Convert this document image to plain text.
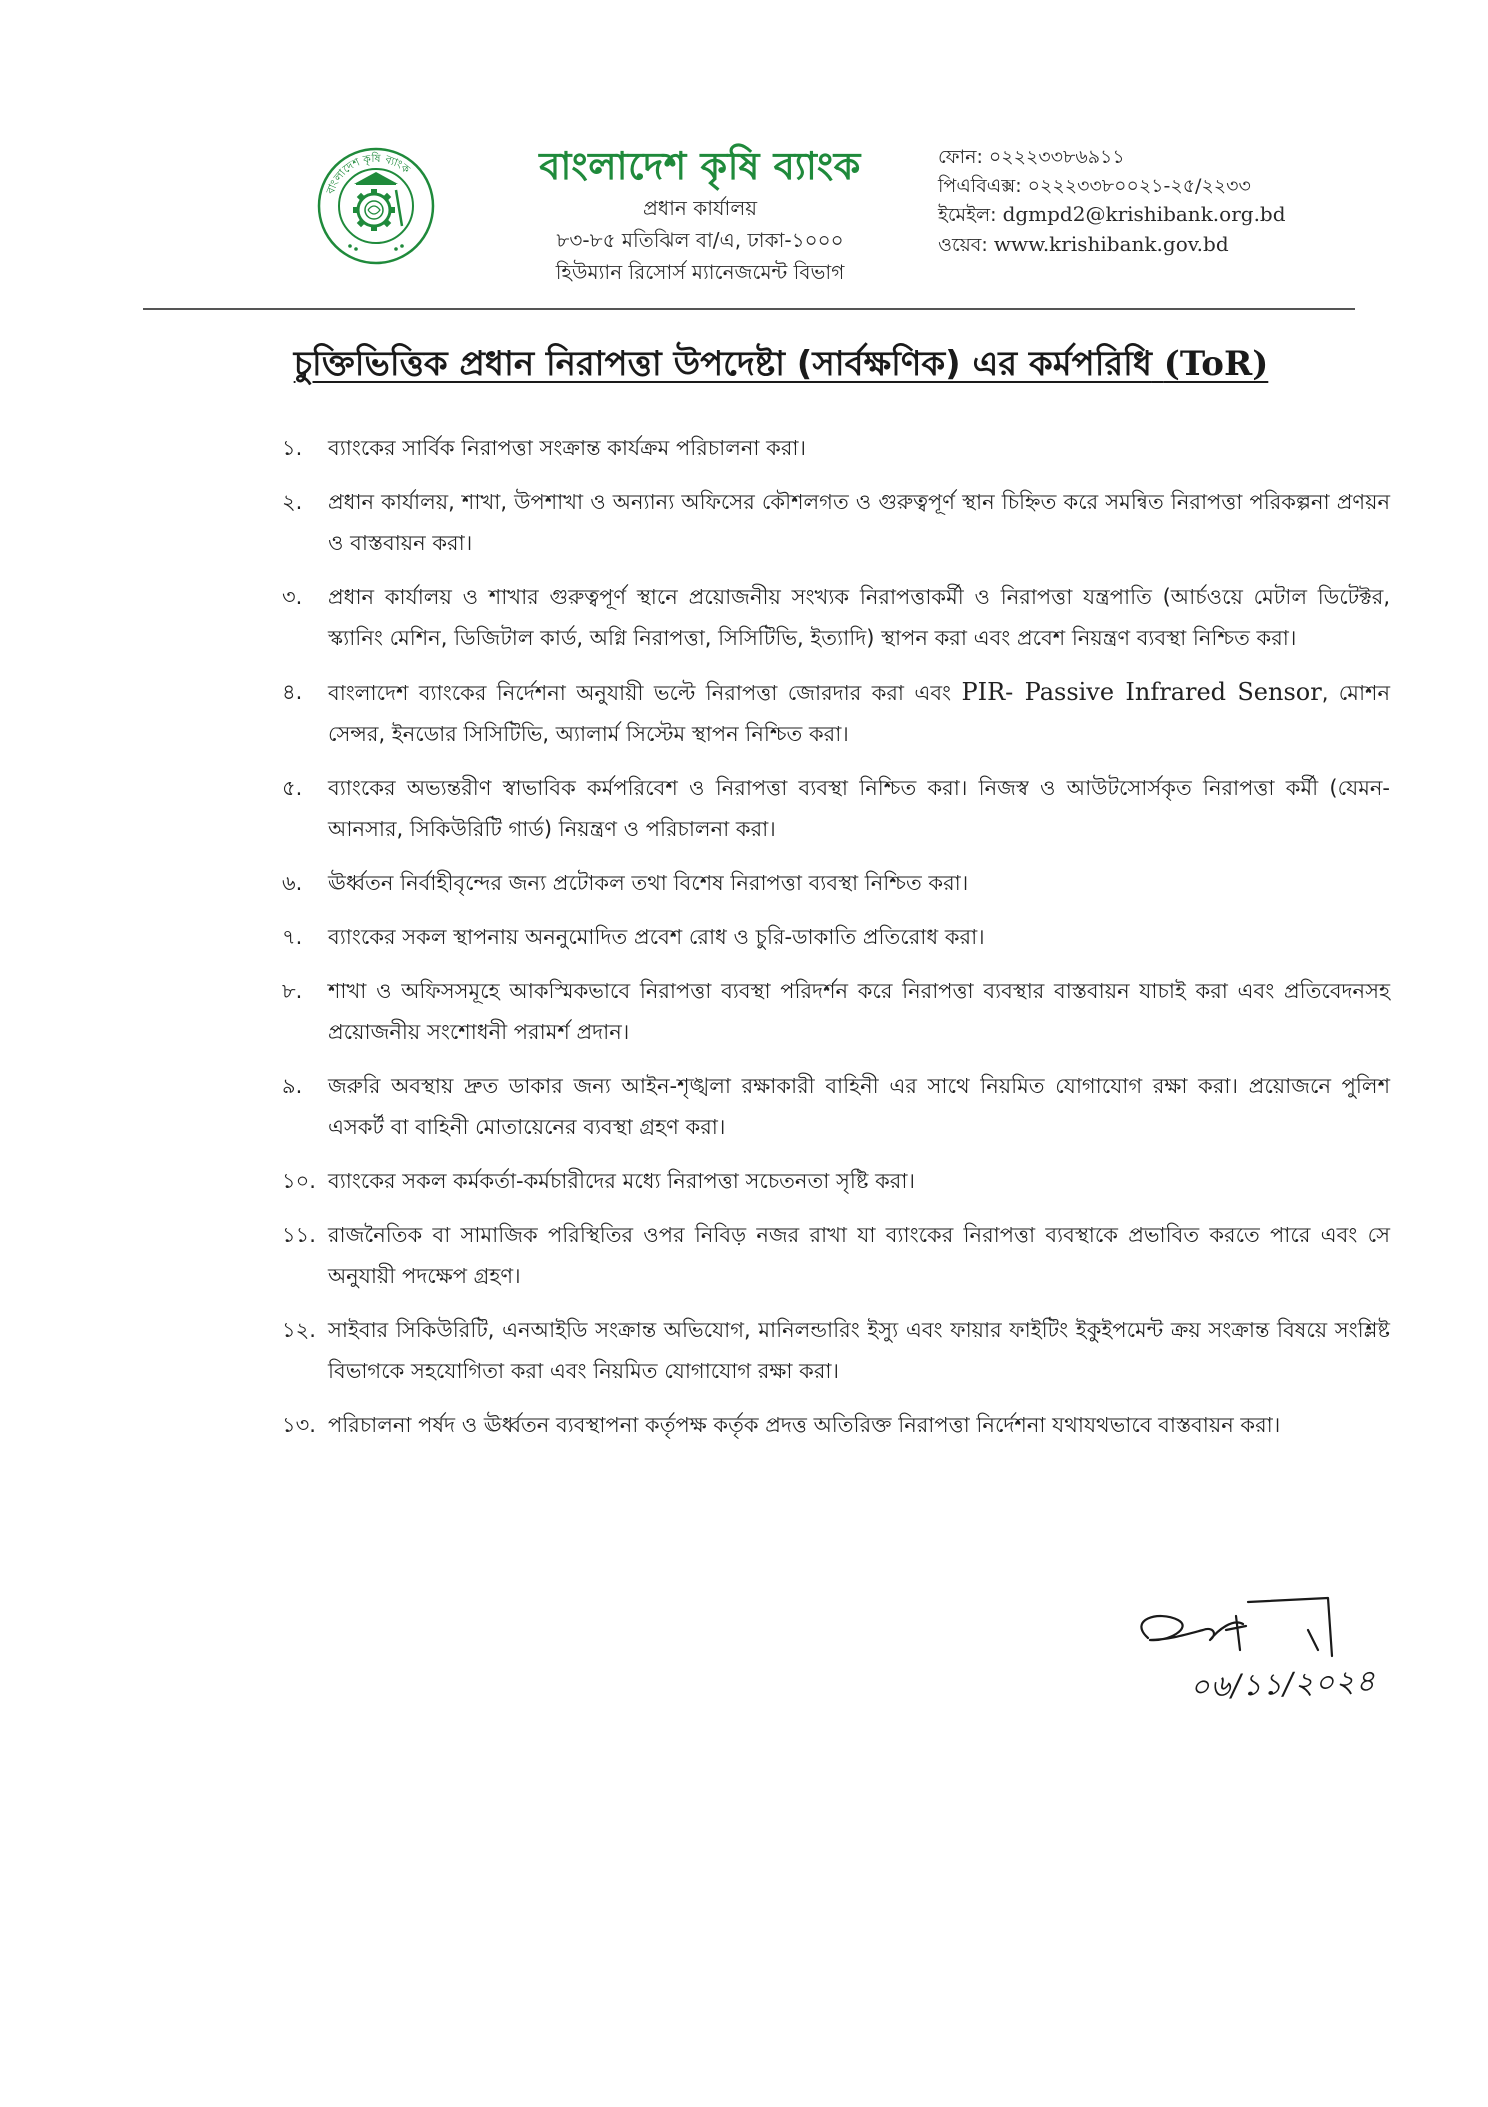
বাংলাদেশ কৃষি ব্যাংক	বাংলাদেশ কৃষি ব্যাংক
প্রধান কার্যালয়
৮৩-৮৫ মতিঝিল বা/এ, ঢাকা-১০০০
হিউম্যান রিসোর্স ম্যানেজমেন্ট বিভাগ
ফোন: ০২২২৩৩৮৬৯১১
পিএবিএক্স: ০২২২৩৩৮০০২১-২৫/২২৩৩
ইমেইল: dgmpd2@krishibank.org.bd
ওয়েব: www.krishibank.gov.bd
চুক্তিভিত্তিক প্রধান নিরাপত্তা উপদেষ্টা (সার্বক্ষণিক) এর কর্মপরিধি (ToR)
১.	ব্যাংকের সার্বিক নিরাপত্তা সংক্রান্ত কার্যক্রম পরিচালনা করা।
২.	প্রধান কার্যালয়, শাখা, উপশাখা ও অন্যান্য অফিসের কৌশলগত ও গুরুত্বপূর্ণ স্থান চিহ্নিত করে সমন্বিত নিরাপত্তা পরিকল্পনা প্রণয়ন ও বাস্তবায়ন করা।
৩.	প্রধান কার্যালয় ও শাখার গুরুত্বপূর্ণ স্থানে প্রয়োজনীয় সংখ্যক নিরাপত্তাকর্মী ও নিরাপত্তা যন্ত্রপাতি (আর্চওয়ে মেটাল ডিটেক্টর, স্ক্যানিং মেশিন, ডিজিটাল কার্ড, অগ্নি নিরাপত্তা, সিসিটিভি, ইত্যাদি) স্থাপন করা এবং প্রবেশ নিয়ন্ত্রণ ব্যবস্থা নিশ্চিত করা।
৪.	বাংলাদেশ ব্যাংকের নির্দেশনা অনুযায়ী ভল্টে নিরাপত্তা জোরদার করা এবং PIR- Passive Infrared Sensor, মোশন সেন্সর, ইনডোর সিসিটিভি, অ্যালার্ম সিস্টেম স্থাপন নিশ্চিত করা।
৫.	ব্যাংকের অভ্যন্তরীণ স্বাভাবিক কর্মপরিবেশ ও নিরাপত্তা ব্যবস্থা নিশ্চিত করা। নিজস্ব ও আউটসোর্সকৃত নিরাপত্তা কর্মী (যেমন-আনসার, সিকিউরিটি গার্ড) নিয়ন্ত্রণ ও পরিচালনা করা।
৬.	ঊর্ধ্বতন নির্বাহীবৃন্দের জন্য প্রটোকল তথা বিশেষ নিরাপত্তা ব্যবস্থা নিশ্চিত করা।
৭.	ব্যাংকের সকল স্থাপনায় অননুমোদিত প্রবেশ রোধ ও চুরি-ডাকাতি প্রতিরোধ করা।
৮.	শাখা ও অফিসসমূহে আকস্মিকভাবে নিরাপত্তা ব্যবস্থা পরিদর্শন করে নিরাপত্তা ব্যবস্থার বাস্তবায়ন যাচাই করা এবং প্রতিবেদনসহ প্রয়োজনীয় সংশোধনী পরামর্শ প্রদান।
৯.	জরুরি অবস্থায় দ্রুত ডাকার জন্য আইন-শৃঙ্খলা রক্ষাকারী বাহিনী এর সাথে নিয়মিত যোগাযোগ রক্ষা করা। প্রয়োজনে পুলিশ এসকর্ট বা বাহিনী মোতায়েনের ব্যবস্থা গ্রহণ করা।
১০. ব্যাংকের সকল কর্মকর্তা-কর্মচারীদের মধ্যে নিরাপত্তা সচেতনতা সৃষ্টি করা।
১১. রাজনৈতিক বা সামাজিক পরিস্থিতির ওপর নিবিড় নজর রাখা যা ব্যাংকের নিরাপত্তা ব্যবস্থাকে প্রভাবিত করতে পারে এবং সে অনুযায়ী পদক্ষেপ গ্রহণ।
১২. সাইবার সিকিউরিটি, এনআইডি সংক্রান্ত অভিযোগ, মানিলন্ডারিং ইস্যু এবং ফায়ার ফাইটিং ইকুইপমেন্ট ক্রয় সংক্রান্ত বিষয়ে সংশ্লিষ্ট বিভাগকে সহযোগিতা করা এবং নিয়মিত যোগাযোগ রক্ষা করা।
১৩. পরিচালনা পর্ষদ ও ঊর্ধ্বতন ব্যবস্থাপনা কর্তৃপক্ষ কর্তৃক প্রদত্ত অতিরিক্ত নিরাপত্তা নির্দেশনা যথাযথভাবে বাস্তবায়ন করা।
০৬/১১/২০২৪
